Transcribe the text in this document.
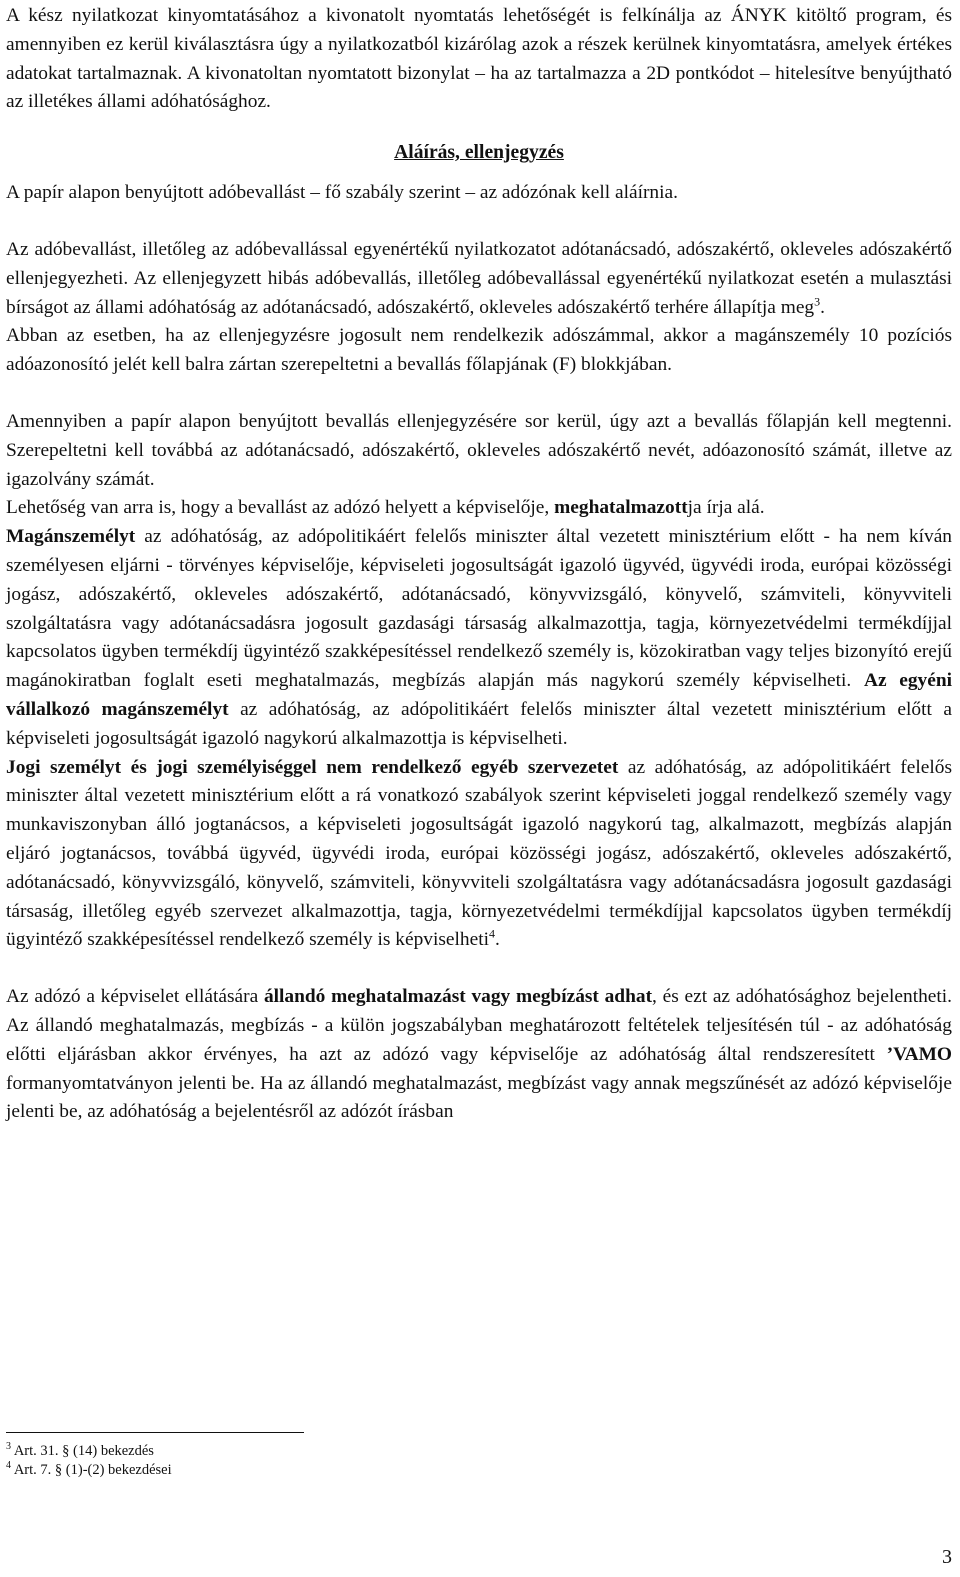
A kész nyilatkozat kinyomtatásához a kivonatolt nyomtatás lehetőségét is felkínálja az ÁNYK kitöltő program, és amennyiben ez kerül kiválasztásra úgy a nyilatkozatból kizárólag azok a részek kerülnek kinyomtatásra, amelyek értékes adatokat tartalmaznak. A kivonatoltan nyomtatott bizonylat – ha az tartalmazza a 2D pontkódot – hitelesítve benyújtható az illetékes állami adóhatósághoz.

Aláírás, ellenjegyzés

A papír alapon benyújtott adóbevallást – fő szabály szerint – az adózónak kell aláírnia.

Az adóbevallást, illetőleg az adóbevallással egyenértékű nyilatkozatot adótanácsadó, adószakértő, okleveles adószakértő ellenjegyezheti. Az ellenjegyzett hibás adóbevallás, illetőleg adóbevallással egyenértékű nyilatkozat esetén a mulasztási bírságot az állami adóhatóság az adótanácsadó, adószakértő, okleveles adószakértő terhére állapítja meg$^3$.

Abban az esetben, ha az ellenjegyzésre jogosult nem rendelkezik adószámmal, akkor a magánszemély 10 pozíciós adóazonosító jelét kell balra zártan szerepeltetni a bevallás főlapjának (F) blokkjában.

Amennyiben a papír alapon benyújtott bevallás ellenjegyzésére sor kerül, úgy azt a bevallás főlapján kell megtenni. Szerepeltetni kell továbbá az adótanácsadó, adószakértő, okleveles adószakértő nevét, adóazonosító számát, illetve az igazolvány számát.

Lehetőség van arra is, hogy a bevallást az adózó helyett a képviselője, meghatalmazottja írja alá.

Magánszemélyt az adóhatóság, az adópolitikáért felelős miniszter által vezetett minisztérium előtt - ha nem kíván személyesen eljárni - törvényes képviselője, képviseleti jogosultságát igazoló ügyvéd, ügyvédi iroda, európai közösségi jogász, adószakértő, okleveles adószakértő, adótanácsadó, könyvvizsgáló, könyvelő, számviteli, könyvviteli szolgáltatásra vagy adótanácsadásra jogosult gazdasági társaság alkalmazottja, tagja, környezetvédelmi termékdíjjal kapcsolatos ügyben termékdíj ügyintéző szakképesítéssel rendelkező személy is, közokiratban vagy teljes bizonyító erejű magánokiratban foglalt eseti meghatalmazás, megbízás alapján más nagykorú személy képviselheti. Az egyéni vállalkozó magánszemélyt az adóhatóság, az adópolitikáért felelős miniszter által vezetett minisztérium előtt a képviseleti jogosultságát igazoló nagykorú alkalmazottja is képviselheti.

Jogi személyt és jogi személyiséggel nem rendelkező egyéb szervezetet az adóhatóság, az adópolitikáért felelős miniszter által vezetett minisztérium előtt a rá vonatkozó szabályok szerint képviseleti joggal rendelkező személy vagy munkaviszonyban álló jogtanácsos, a képviseleti jogosultságát igazoló nagykorú tag, alkalmazott, megbízás alapján eljáró jogtanácsos, továbbá ügyvéd, ügyvédi iroda, európai közösségi jogász, adószakértő, okleveles adószakértő, adótanácsadó, könyvvizsgáló, könyvelő, számviteli, könyvviteli szolgáltatásra vagy adótanácsadásra jogosult gazdasági társaság, illetőleg egyéb szervezet alkalmazottja, tagja, környezetvédelmi termékdíjjal kapcsolatos ügyben termékdíj ügyintéző szakképesítéssel rendelkező személy is képviselheti$^4$.

Az adózó a képviselet ellátására állandó meghatalmazást vagy megbízást adhat, és ezt az adóhatósághoz bejelentheti. Az állandó meghatalmazás, megbízás - a külön jogszabályban meghatározott feltételek teljesítésén túl - az adóhatóság előtti eljárásban akkor érvényes, ha azt az adózó vagy képviselője az adóhatóság által rendszeresített ’VAMO formanyomtatványon jelenti be. Ha az állandó meghatalmazást, megbízást vagy annak megszűnését az adózó képviselője jelenti be, az adóhatóság a bejelentésről az adózót írásban

$^3$ Art. 31. § (14) bekezdés
$^4$ Art. 7. § (1)-(2) bekezdései
3
